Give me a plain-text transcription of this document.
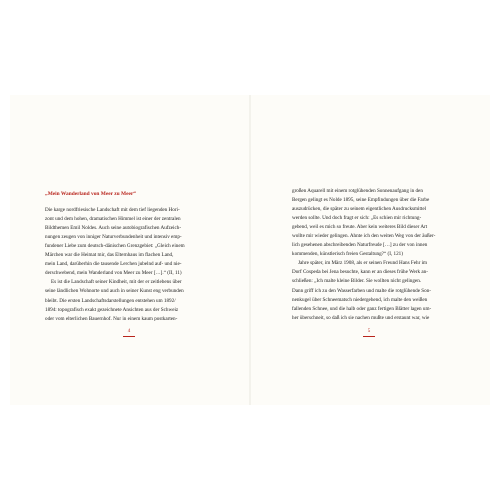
„Mein Wanderland von Meer zu Meer“
Die karge nordfriesische Landschaft mit dem tief liegenden Hori-
zont und dem hohen, dramatischen Himmel ist einer der zentralen
Bildthemen Emil Noldes. Auch seine autobiografischen Aufzeich-
nungen zeugen von inniger Naturverbundenheit und intensiv emp-
fundener Liebe zum deutsch-dänischen Grenzgebiet: „Gleich einem
Märchen war die Heimat mir, das Elternhaus im flachen Land,
mein Land, darüberhin die tausende Lerchen jubelnd auf- und nie-
derschwebend, mein Wanderland von Meer zu Meer […].“ (II, 11)
Es ist die Landschaft seiner Kindheit, mit der er zeitlebens über
seine ländlichen Wohnorte und auch in seiner Kunst eng verbunden
bleibt. Die ersten Landschaftsdarstellungen entstehen um 1892/
1894: topografisch exakt gezeichnete Ansichten aus der Schweiz
oder vom elterlichen Bauernhof. Nur in einem kaum postkarten-
4
großen Aquarell mit einem rotglühenden Sonnenaufgang in den
Bergen gelingt es Nolde 1895, seine Empfindungen über die Farbe
auszudrücken, die später zu seinem eigentlichen Ausdrucksmittel
werden sollte. Und doch fragt er sich: „Es schien mir richtung-
gebend, weil es mich so freute. Aber kein weiteres Bild dieser Art
wollte mir wieder gelingen. Ahnte ich den weiten Weg von der äußer-
lich gesehenen abschreibenden Naturfreude […] zu der von innen
kommenden, künstlerisch freien Gestaltung?“ (I, 121)
Jahre später, im März 1908, als er seinen Freund Hans Fehr im
Dorf Cospeda bei Jena besuchte, kann er an dieses frühe Werk an-
schließen: „Ich malte kleine Bilder. Sie wollten nicht gelingen.
Dann griff ich zu den Wasserfarben und malte die rotglühende Son-
nenkugel über Schneematsch niedergehend, ich malte den weißen
fallenden Schnee, und die halb oder ganz fertigen Blätter lagen um-
her überschneit, so daß ich sie nachen mußte und erstaunt war, wie
5
